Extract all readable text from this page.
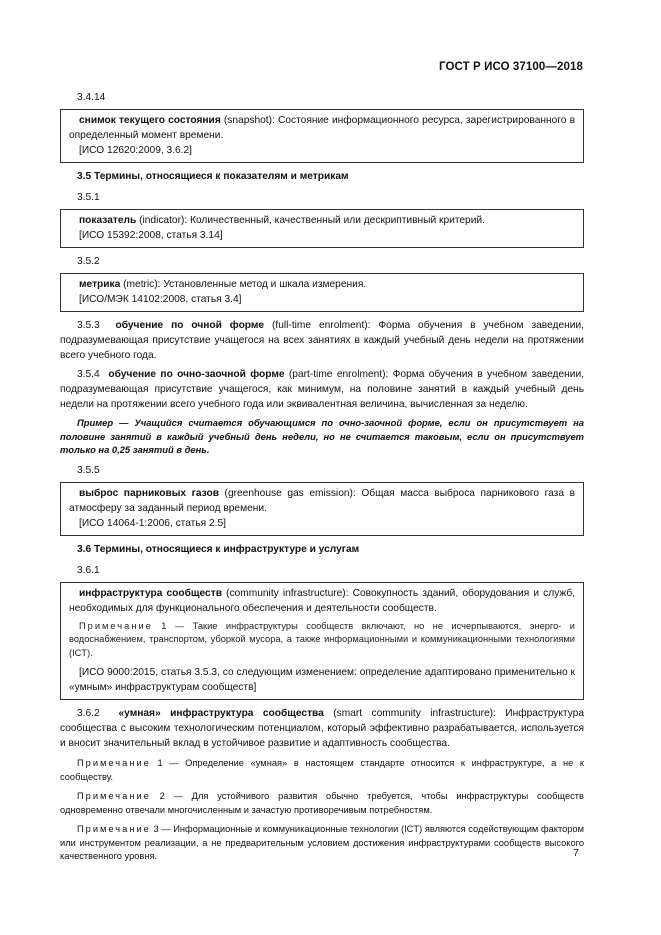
ГОСТ Р ИСО 37100—2018

3.4.14

снимок текущего состояния (snapshot): Состояние информационного ресурса, зарегистрированного в определенный момент времени.

[ИСО 12620:2009, 3.6.2]

3.5 Термины, относящиеся к показателям и метрикам

3.5.1

показатель (indicator): Количественный, качественный или дескриптивный критерий.

[ИСО 15392:2008, статья 3.14]

3.5.2

метрика (metric): Установленные метод и шкала измерения.

[ИСО/МЭК 14102:2008, статья 3.4]

3.5.3 обучение по очной форме (full-time enrolment): Форма обучения в учебном заведении, подразумевающая присутствие учащегося на всех занятиях в каждый учебный день недели на протяжении всего учебного года.

3.5.4 обучение по очно-заочной форме (part-time enrolment): Форма обучения в учебном заведении, подразумевающая присутствие учащегося, как минимум, на половине занятий в каждый учебный день недели на протяжении всего учебного года или эквивалентная величина, вычисленная за неделю.

Пример — Учащийся считается обучающимся по очно-заочной форме, если он присутствует на половине занятий в каждый учебный день недели, но не считается таковым, если он присутствует только на 0,25 занятий в день.

3.5.5

выброс парниковых газов (greenhouse gas emission): Общая масса выброса парникового газа в атмосферу за заданный период времени.

[ИСО 14064-1:2006, статья 2.5]

3.6 Термины, относящиеся к инфраструктуре и услугам

3.6.1

инфраструктура сообществ (community infrastructure): Совокупность зданий, оборудования и служб, необходимых для функционального обеспечения и деятельности сообществ.

Примечание 1 — Такие инфраструктуры сообществ включают, но не исчерпываются, энерго- и водоснабжением, транспортом, уборкой мусора, а также информационными и коммуникационными технологиями (ICT).

[ИСО 9000:2015, статья 3.5.3, со следующим изменением: определение адаптировано применительно к «умным» инфраструктурам сообществ]

3.6.2 «умная» инфраструктура сообщества (smart community infrastructure): Инфраструктура сообщества с высоким технологическим потенциалом, который эффективно разрабатывается, используется и вносит значительный вклад в устойчивое развитие и адаптивность сообщества.

Примечание 1 — Определение «умная» в настоящем стандарте относится к инфраструктуре, а не к сообществу.

Примечание 2 — Для устойчивого развития обычно требуется, чтобы инфраструктуры сообществ одновременно отвечали многочисленным и зачастую противоречивым потребностям.

Примечание 3 — Информационные и коммуникационные технологии (ICT) являются содействующим фактором или инструментом реализации, а не предварительным условием достижения инфраструктурами сообществ высокого качественного уровня.	7
